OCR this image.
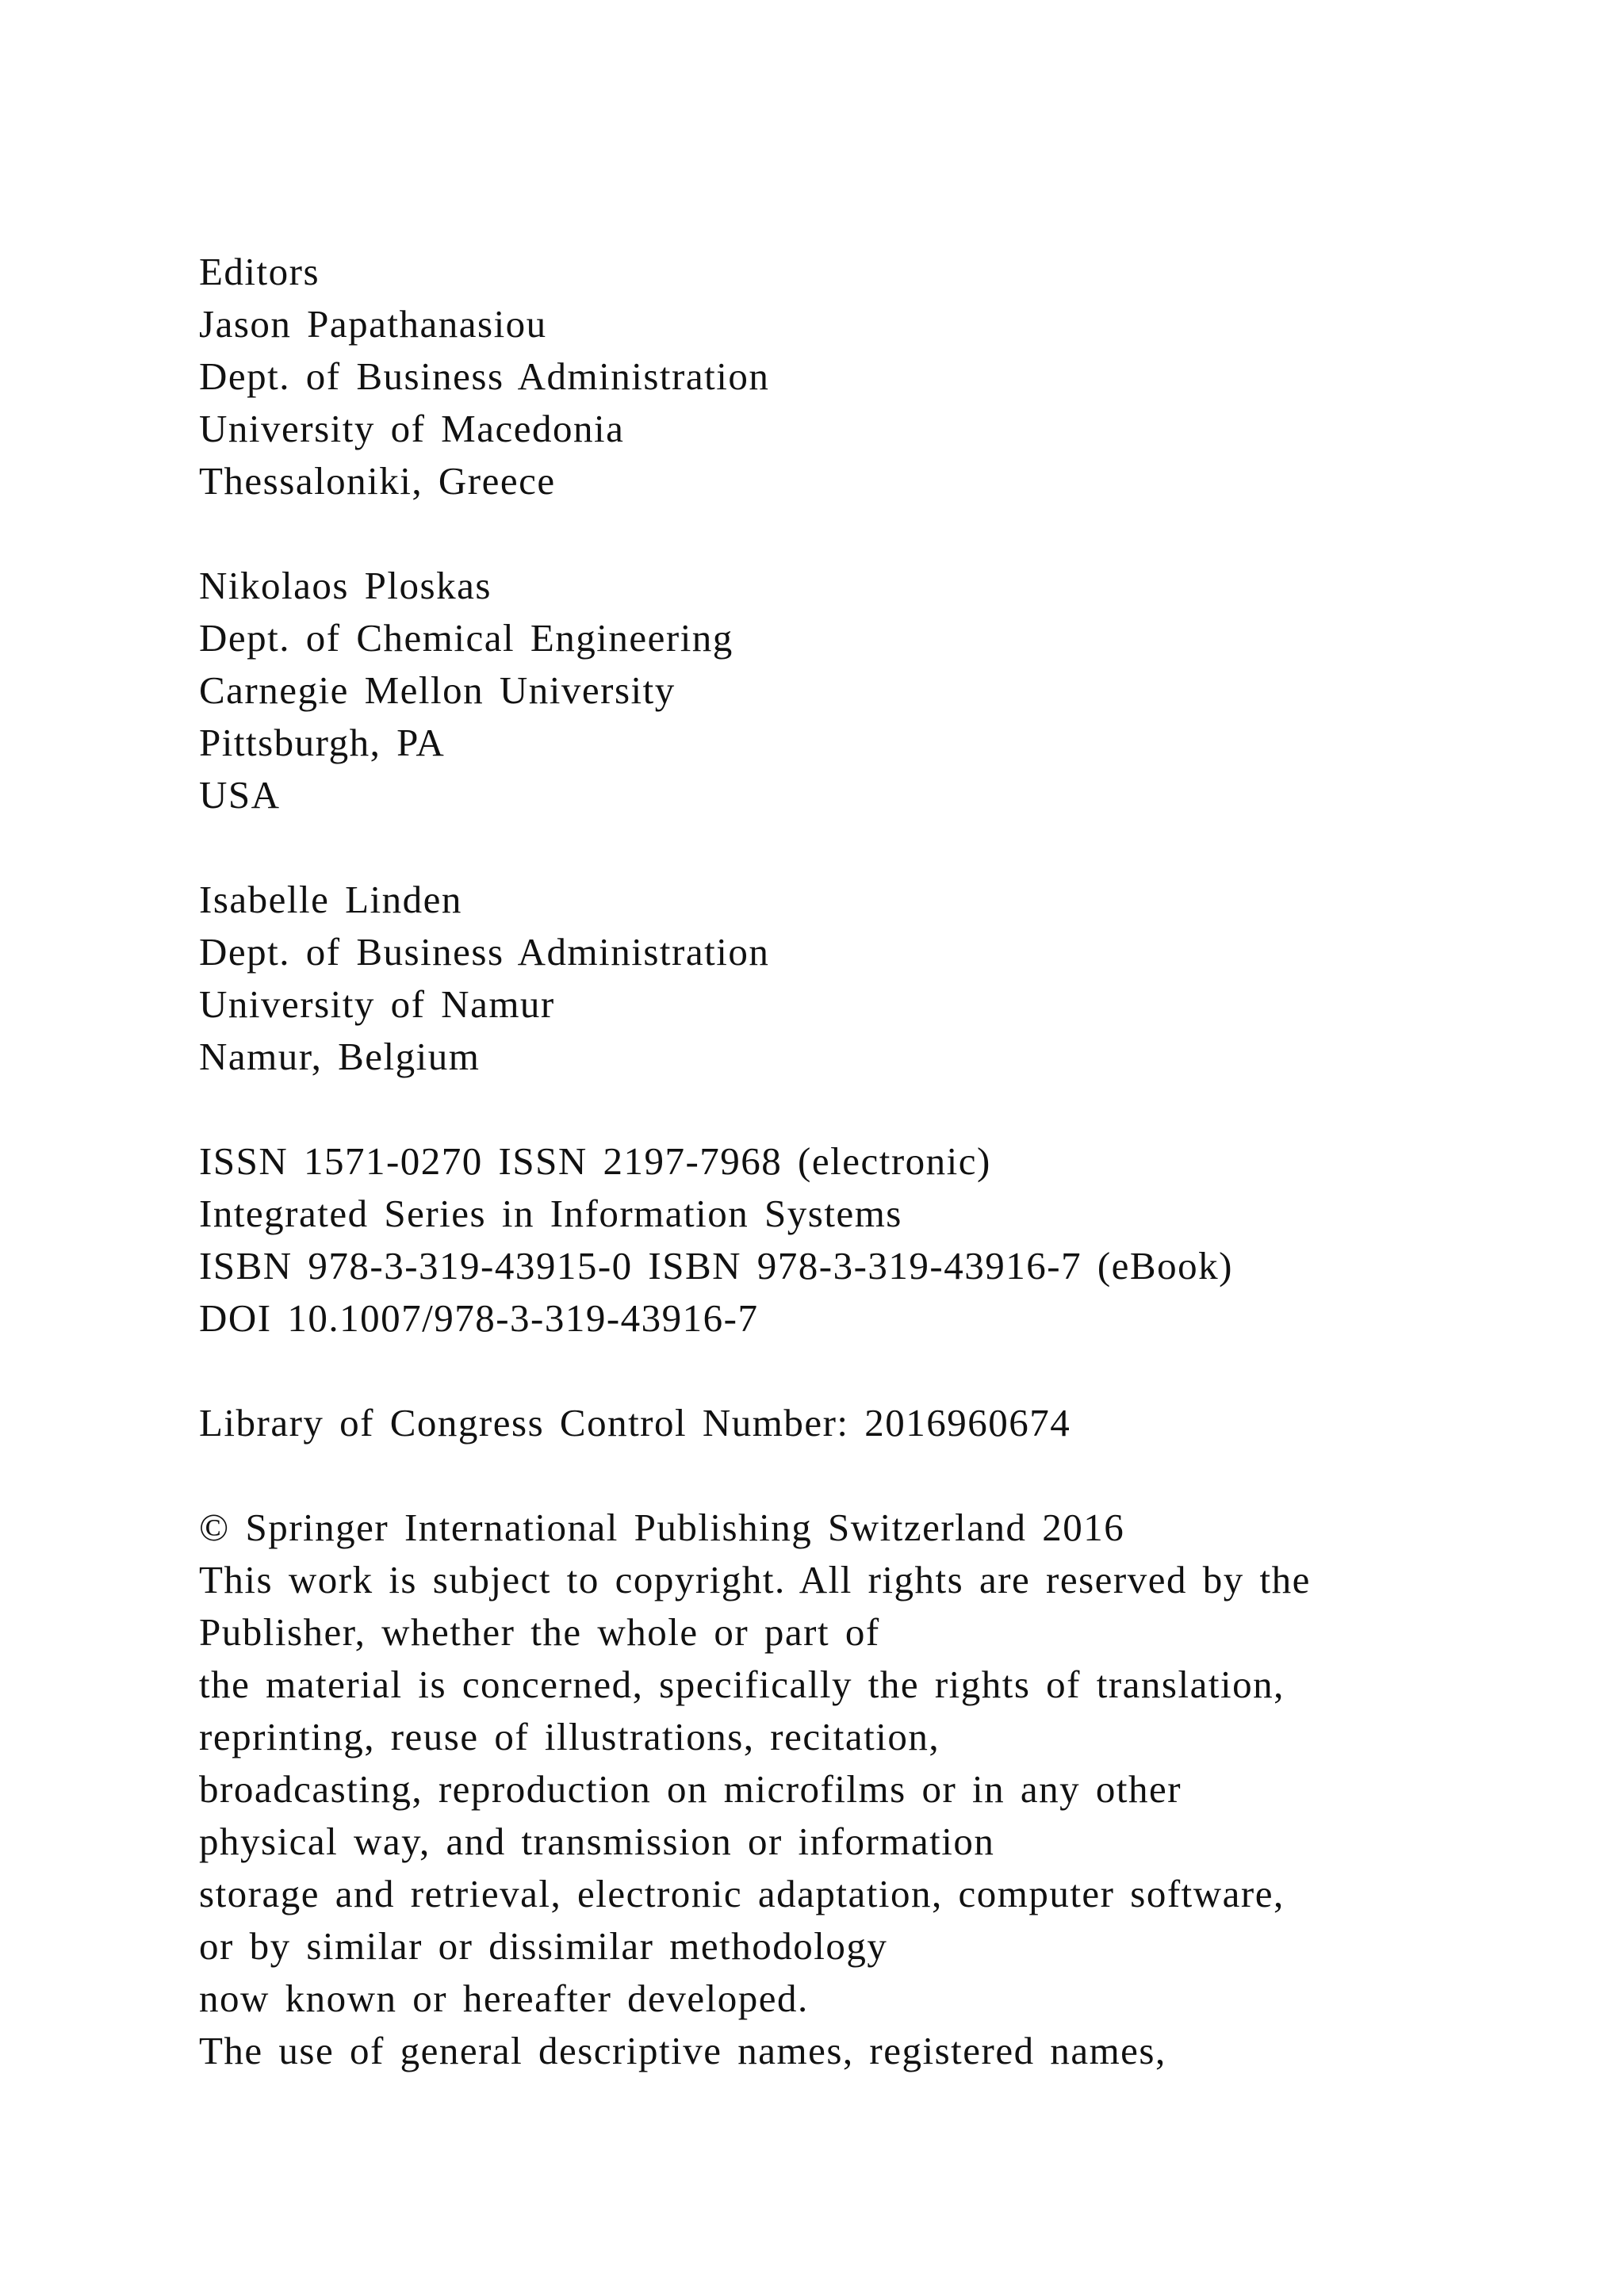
Editors
Jason Papathanasiou
Dept. of Business Administration
University of Macedonia
Thessaloniki, Greece
Nikolaos Ploskas
Dept. of Chemical Engineering
Carnegie Mellon University
Pittsburgh, PA
USA
Isabelle Linden
Dept. of Business Administration
University of Namur
Namur, Belgium
ISSN 1571-0270 ISSN 2197-7968 (electronic)
Integrated Series in Information Systems
ISBN 978-3-319-43915-0 ISBN 978-3-319-43916-7 (eBook)
DOI 10.1007/978-3-319-43916-7
Library of Congress Control Number: 2016960674
© Springer International Publishing Switzerland 2016
This work is subject to copyright. All rights are reserved by the
Publisher, whether the whole or part of
the material is concerned, specifically the rights of translation,
reprinting, reuse of illustrations, recitation,
broadcasting, reproduction on microfilms or in any other
physical way, and transmission or information
storage and retrieval, electronic adaptation, computer software,
or by similar or dissimilar methodology
now known or hereafter developed.
The use of general descriptive names, registered names,
